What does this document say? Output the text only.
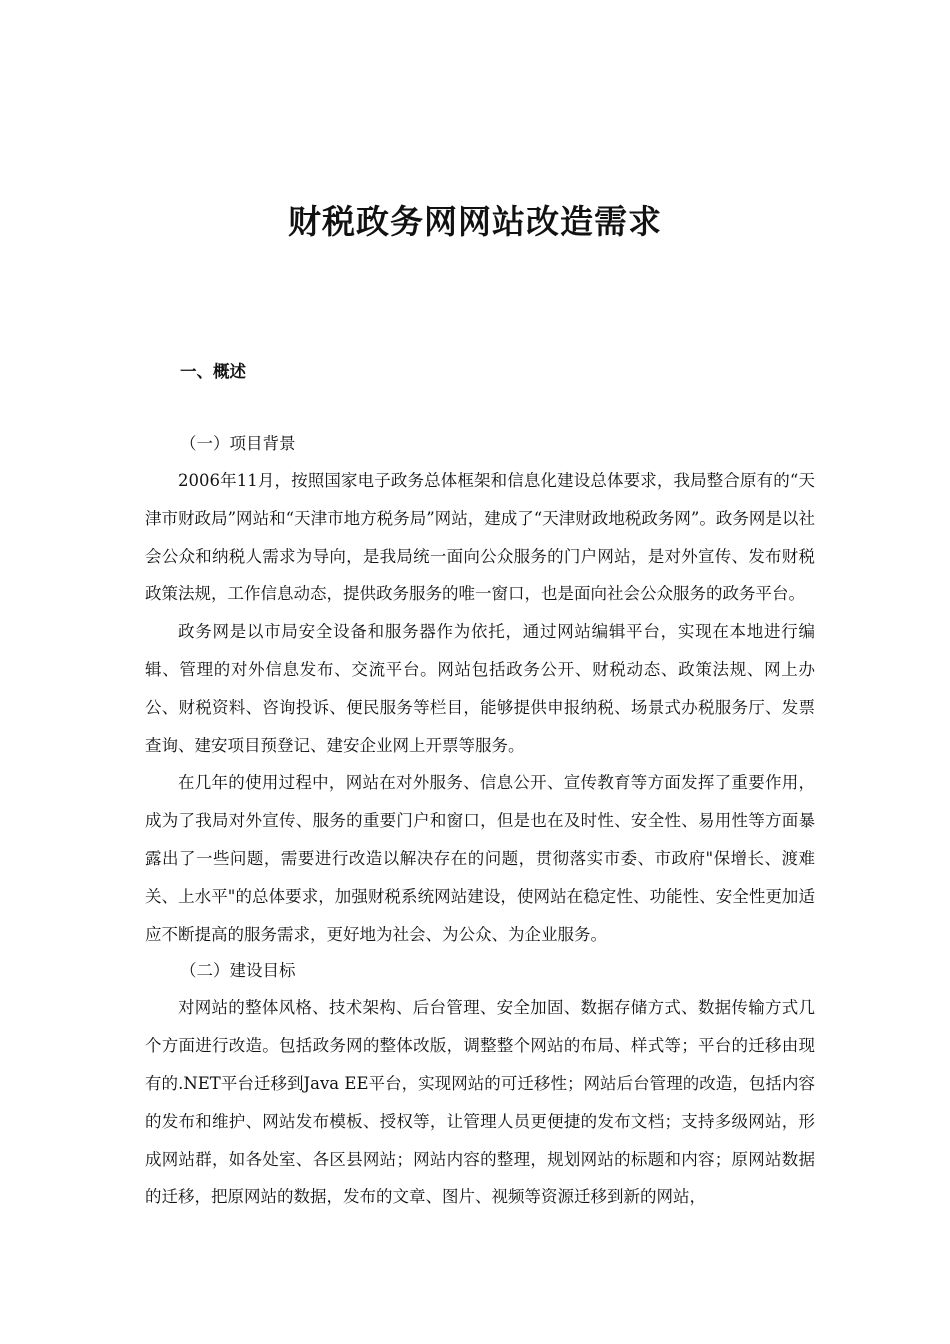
财税政务网网站改造需求
一、概述
（一）项目背景

2006年11月，按照国家电子政务总体框架和信息化建设总体要求，我局整合原有的“天津市财政局”网站和“天津市地方税务局”网站，建成了“天津财政地税政务网”。政务网是以社会公众和纳税人需求为导向，是我局统一面向公众服务的门户网站，是对外宣传、发布财税政策法规，工作信息动态，提供政务服务的唯一窗口，也是面向社会公众服务的政务平台。

政务网是以市局安全设备和服务器作为依托，通过网站编辑平台，实现在本地进行编辑、管理的对外信息发布、交流平台。网站包括政务公开、财税动态、政策法规、网上办公、财税资料、咨询投诉、便民服务等栏目，能够提供申报纳税、场景式办税服务厅、发票查询、建安项目预登记、建安企业网上开票等服务。

在几年的使用过程中，网站在对外服务、信息公开、宣传教育等方面发挥了重要作用，成为了我局对外宣传、服务的重要门户和窗口，但是也在及时性、安全性、易用性等方面暴露出了一些问题，需要进行改造以解决存在的问题，贯彻落实市委、市政府"保增长、渡难关、上水平"的总体要求，加强财税系统网站建设，使网站在稳定性、功能性、安全性更加适应不断提高的服务需求，更好地为社会、为公众、为企业服务。

（二）建设目标

对网站的整体风格、技术架构、后台管理、安全加固、数据存储方式、数据传输方式几个方面进行改造。包括政务网的整体改版，调整整个网站的布局、样式等；平台的迁移由现有的.NET平台迁移到Java EE平台，实现网站的可迁移性；网站后台管理的改造，包括内容的发布和维护、网站发布模板、授权等，让管理人员更便捷的发布文档；支持多级网站，形成网站群，如各处室、各区县网站；网站内容的整理，规划网站的标题和内容；原网站数据的迁移，把原网站的数据，发布的文章、图片、视频等资源迁移到新的网站，
